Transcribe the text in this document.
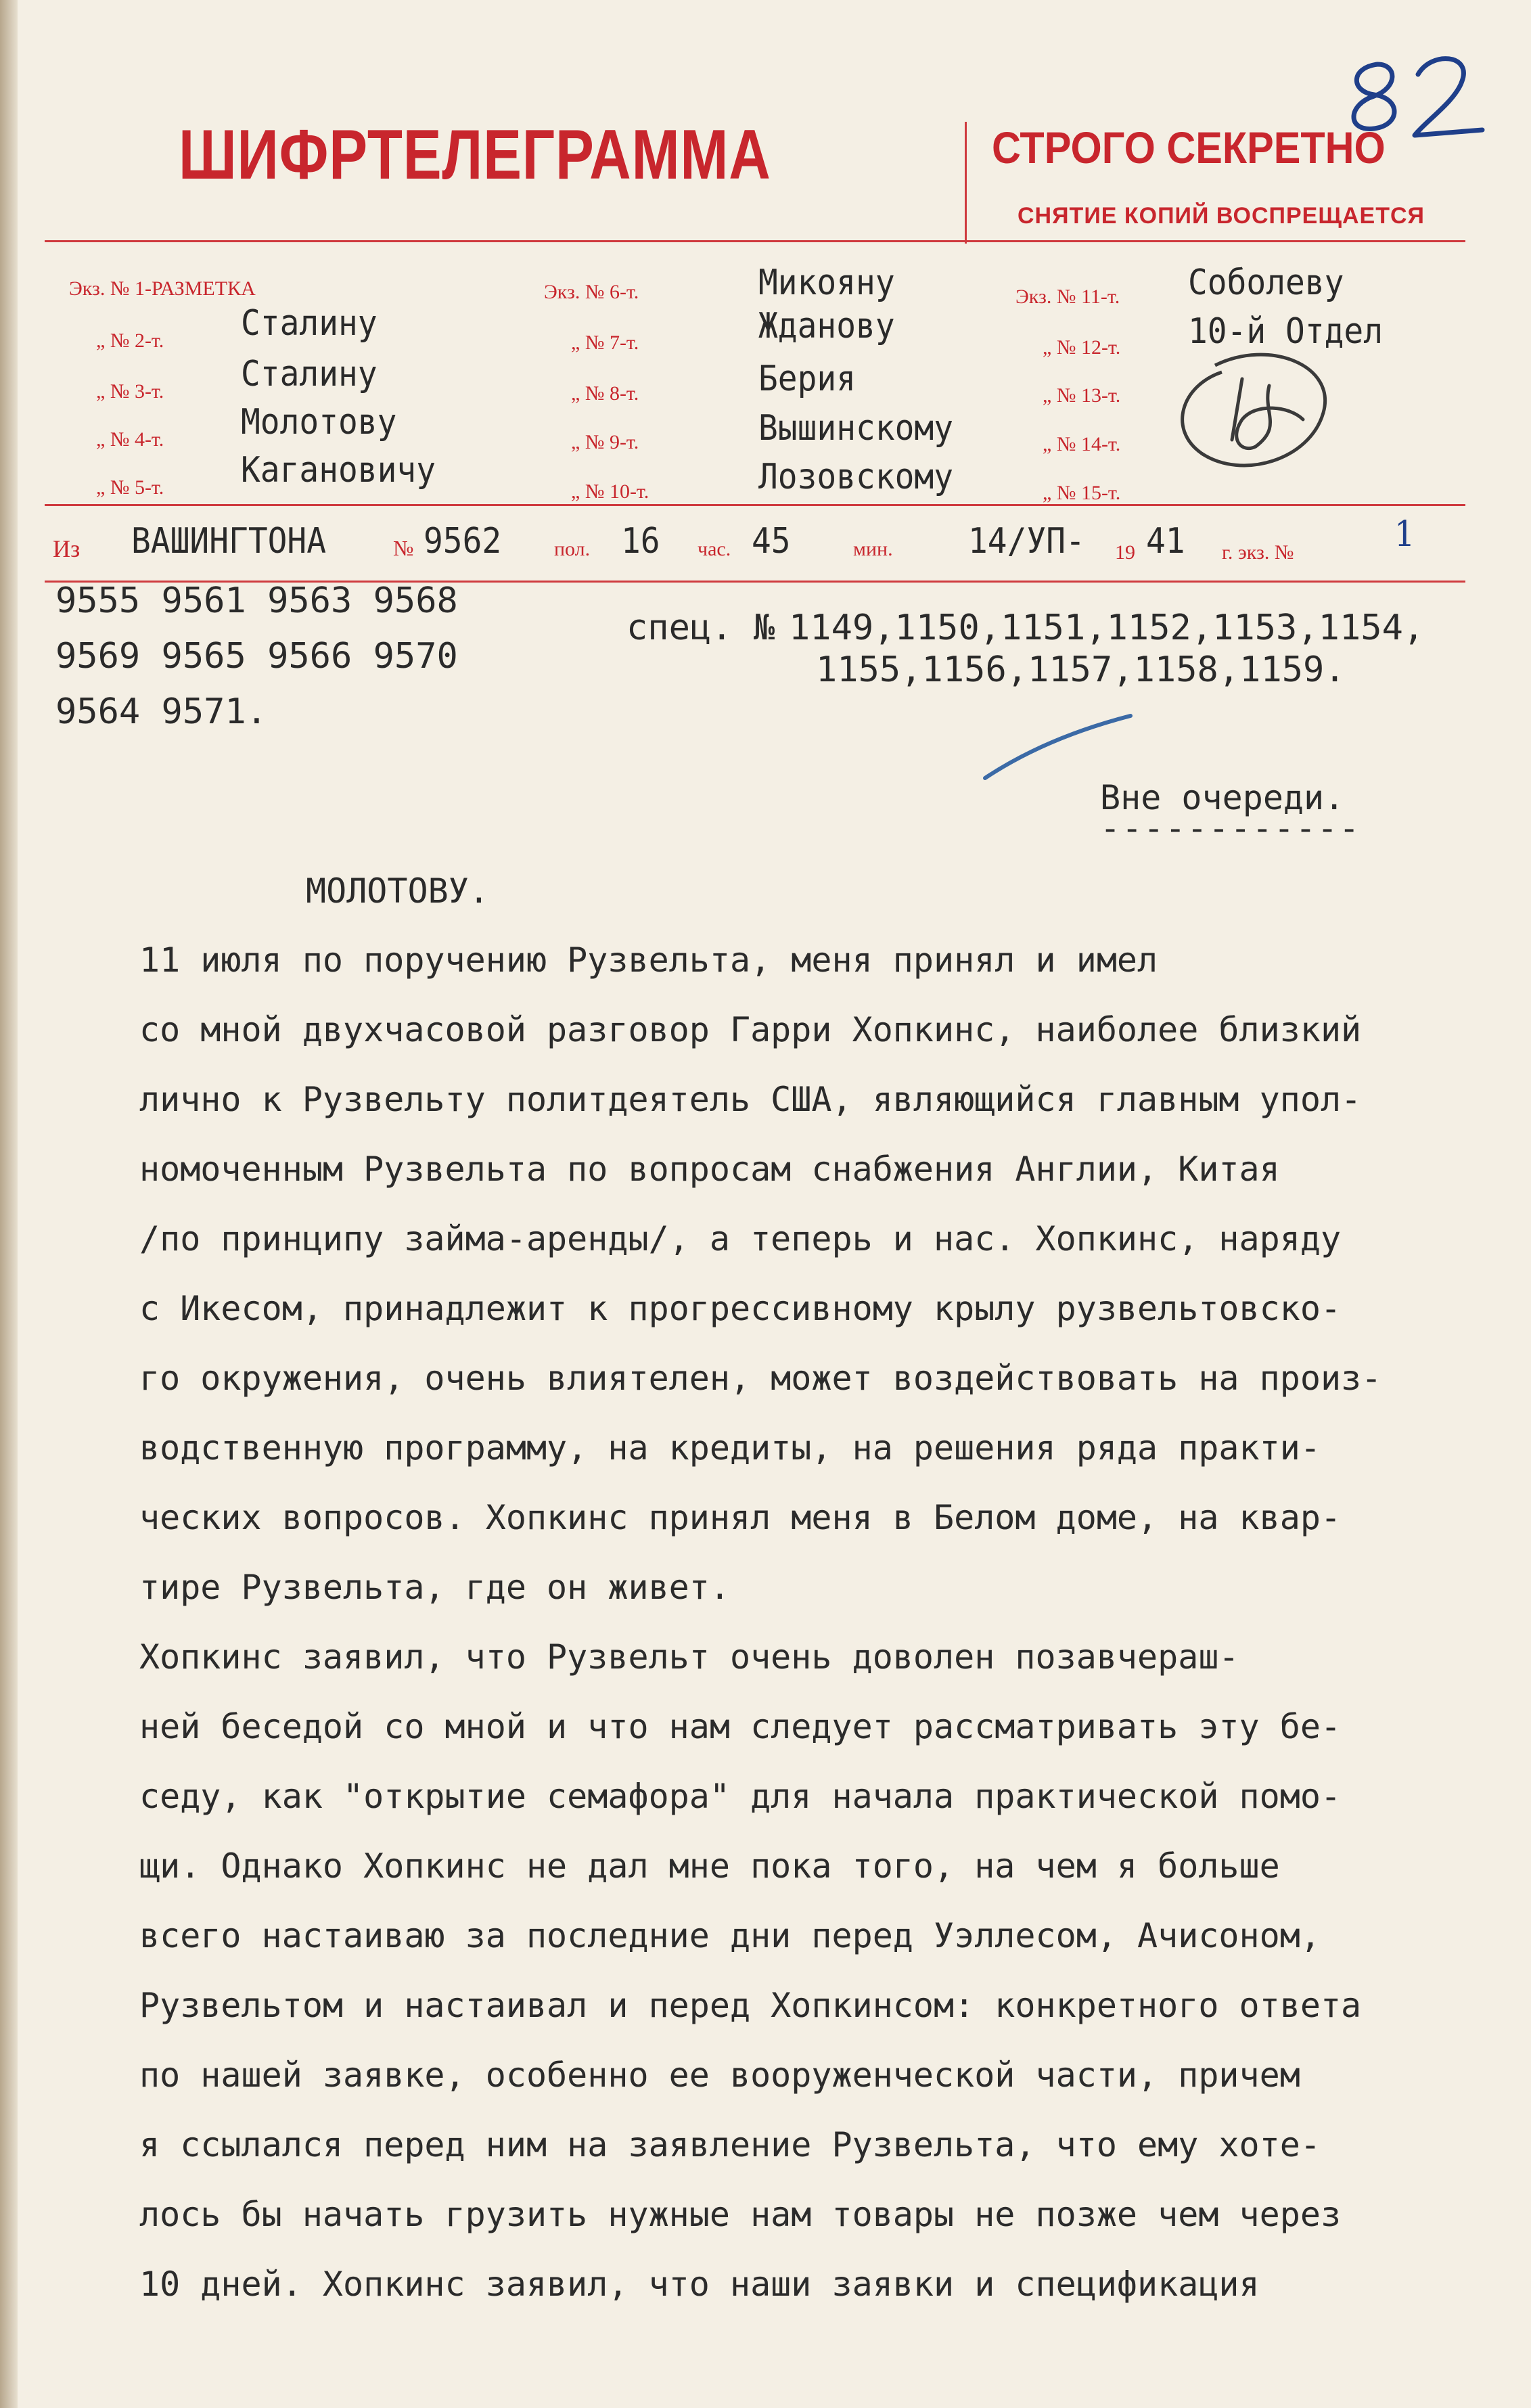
ШИФРТЕЛЕГРАММА	СТРОГО СЕКРЕТНО
СНЯТИЕ КОПИЙ ВОСПРЕЩАЕТСЯ
Экз. № 1-РАЗМЕТКА
„ № 2-т. Сталину
„ № 3-т. Сталину
„ № 4-т. Молотову
„ № 5-т. Кагановичу
Экз. № 6-т.	Микояну
„ № 7-т.	Жданову
„ № 8-т.	Берия
„ № 9-т.	Вышинскому
„ № 10-т.	Лозовскому
Экз. № 11-т. Соболеву
„ № 12-т. 10-й Отдел
„ № 13-т.
„ № 14-т.
„ № 15-т.
Из ВАШИНГТОНА	№ 9562	пол. 16 час. 45	мин. 14/УП- 19 41 г. экз. №	1
9555 9561 9563 9568
9569 9565 9566 9570
9564 9571.
спец. № 1149,1150,1151,1152,1153,1154,
1155,1156,1157,1158,1159.
Вне очереди.
------------
МОЛОТОВУ.
11 июля по поручению Рузвельта, меня принял и имел
со мной двухчасовой разговор Гарри Хопкинс, наиболее близкий
лично к Рузвельту политдеятель США, являющийся главным упол-
номоченным Рузвельта по вопросам снабжения Англии, Китая
/по принципу займа-аренды/, а теперь и нас. Хопкинс, наряду
с Икесом, принадлежит к прогрессивному крылу рузвельтовско-
го окружения, очень влиятелен, может воздействовать на произ-
водственную программу, на кредиты, на решения ряда практи-
ческих вопросов. Хопкинс принял меня в Белом доме, на квар-
тире Рузвельта, где он живет.
Хопкинс заявил, что Рузвельт очень доволен позавчераш-
ней беседой со мной и что нам следует рассматривать эту бе-
седу, как "открытие семафора" для начала практической помо-
щи. Однако Хопкинс не дал мне пока того, на чем я больше
всего настаиваю за последние дни перед Уэллесом, Ачисоном,
Рузвельтом и настаивал и перед Хопкинсом: конкретного ответа
по нашей заявке, особенно ее вооруженческой части, причем
я ссылался перед ним на заявление Рузвельта, что ему хоте-
лось бы начать грузить нужные нам товары не позже чем через
10 дней. Хопкинс заявил, что наши заявки и спецификация
